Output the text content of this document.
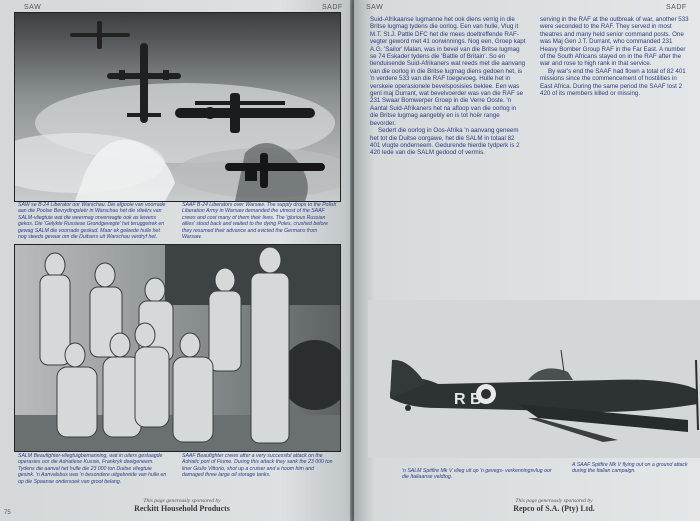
SAW	SADF
SAW se B-24 Liberator oor Warschau. Die afgooie van voorrade aan die Poolse Bevrydingsleër in Warschau het die vlieërs van SALM-vliegtuie wat die weermag onverwagte ook as lewens gekos. Die 'Gelykte Russiese Grondgevegte' het teruggetrek en gewag SALM die voorrade geskud. Maar ek geleede hulle het nog steeds gevaar om die Duitsers uit Warschau verdryf het.
SAAF B-24 Liberators over Warsaw. The supply drops to the Polish Liberation Army in Warsaw demanded the utmost of the SAAF crews and cost many of them their lives. The 'glorious Russian allies' stood back and waited to the dying Poles, crushed before they resumed their advance and evicted the Germans from Warsaw.
SALM Beaufighter-vliegtuigbemanning, wat in uiters geslaagde operasies oor die Adriatiese Kussie, Frankryk deelgeneem. Tydens die aanval het hulle die 23 000 ton Duitse vliegtuie gesink. 'n Aanvalsbus was 'n besondere uitgebreide van hulle en op die Spaanse ondersoek van groot belang.
SAAF Beaufighter crews after a very successful attack on the Adriatic port of Fiume. During this attack they sank the 23 000 ton liner Giulio Vittorio, shot up a cruiser and a hoom him and damaged three large oil storage tanks.
This page generously sponsored by
Reckitt Household Products
75
SAW	SADF

Suid-Afrikaanse lugmanne het ook diens verrig in die Britse lugmag tydens die oorlog. Een van hulle, Vlug it M.T. St.J. Pattle DFC het die mees doeltreffende RAF-vegter geword met 41 oorwinnings. Nog een, Groep kapt A.G. 'Sailor' Malan, was in bevel van die Britse lugmag se 74 Eskader tydens die 'Battle of Britain'. So en tienduisende Suid-Afrikaners wat reeds met die aanvang van die oorlog in die Britse lugmag diens gedoen het, is 'n verdere 533 van die RAF toegevoeg. Hulle het in verskeie operasionele bevelsposisies beklee. Een was genl maj Durrant, wat bevelvoerder was van die RAF se 231 Swaar Bomwerper Groep in die Verre Ooste. 'n Aantal Suid-Afrikaners het na afloop van die oorlog in die Britse lugmag aangebly en is tot hoër range bevorder.

Sedert die oorlog in Oos-Afrika 'n aanvang geneem het tot die Duitse oorgawe, het die SALM in totaal 82 401 vlugte onderneem. Gedurende hierdie tydperk is 2 420 lede van die SALM gedood of vermis.

serving in the RAF at the outbreak of war, another 533 were seconded to the RAF. They served in most theatres and many held senior command posts. One was Maj Gen J.T. Durrant, who commanded 231 Heavy Bomber Group RAF in the Far East. A number of the South Africans stayed on in the RAF after the war and rose to high rank in that service.

By war's end the SAAF had flown a total of 82 401 missions since the commencement of hostilities in East Africa. During the same period the SAAF lost 2 420 of its members killed or missing.

R B
'n SALM Spitfire Mk V vlieg uit op 'n gevegs- verkenningsvlug oor die Italiaanse veldtog.
A SAAF Spitfire Mk V flying out on a ground attack during the Italian campaign.
This page generously sponsored by
Repco of S.A. (Pty) Ltd.
